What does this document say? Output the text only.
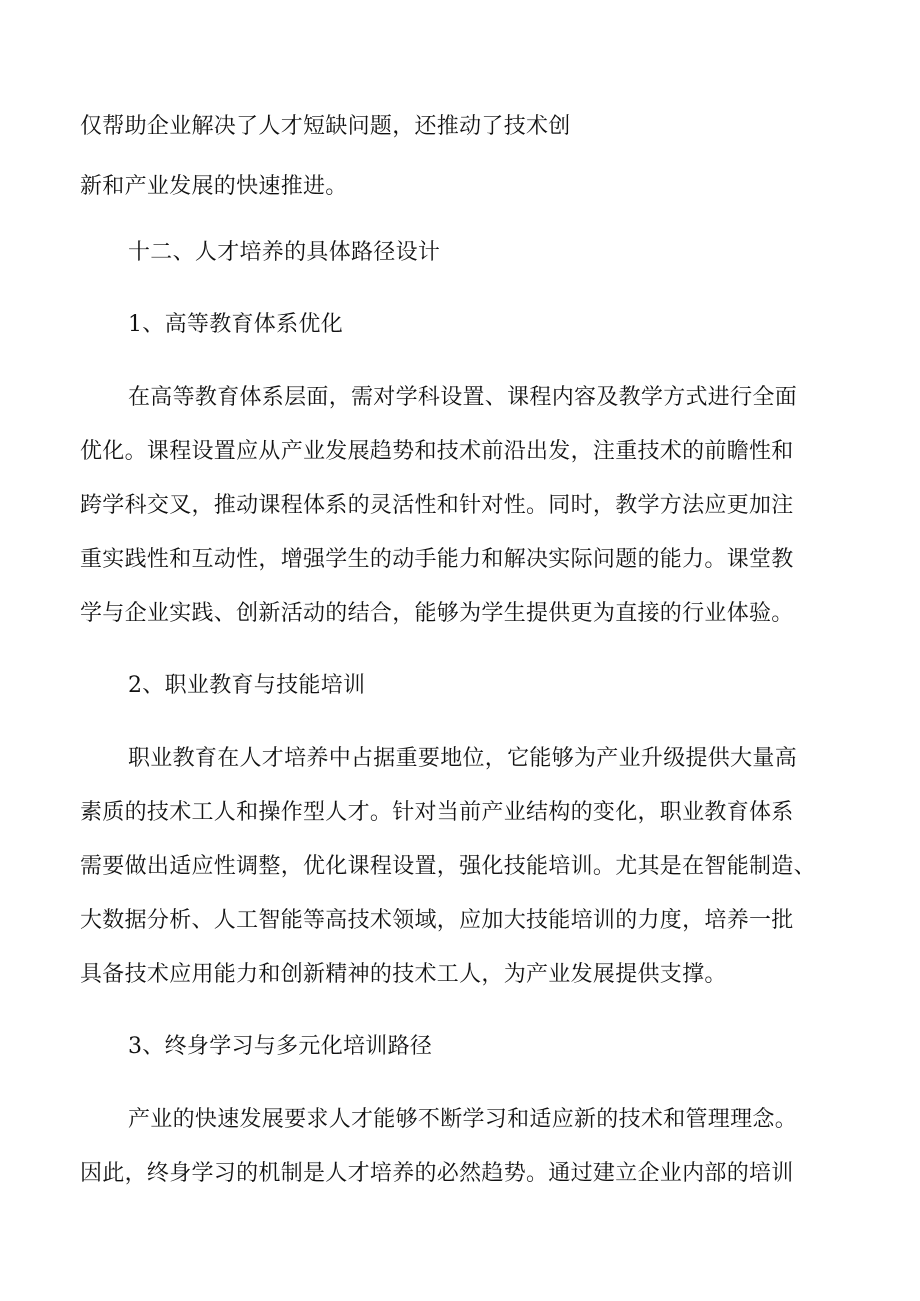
仅帮助企业解决了人才短缺问题，还推动了技术创
新和产业发展的快速推进。
十二、人才培养的具体路径设计
1、高等教育体系优化
在高等教育体系层面，需对学科设置、课程内容及教学方式进行全面
优化。课程设置应从产业发展趋势和技术前沿出发，注重技术的前瞻性和
跨学科交叉，推动课程体系的灵活性和针对性。同时，教学方法应更加注
重实践性和互动性，增强学生的动手能力和解决实际问题的能力。课堂教
学与企业实践、创新活动的结合，能够为学生提供更为直接的行业体验。
2、职业教育与技能培训
职业教育在人才培养中占据重要地位，它能够为产业升级提供大量高
素质的技术工人和操作型人才。针对当前产业结构的变化，职业教育体系
需要做出适应性调整，优化课程设置，强化技能培训。尤其是在智能制造、
大数据分析、人工智能等高技术领域，应加大技能培训的力度，培养一批
具备技术应用能力和创新精神的技术工人，为产业发展提供支撑。
3、终身学习与多元化培训路径
产业的快速发展要求人才能够不断学习和适应新的技术和管理理念。
因此，终身学习的机制是人才培养的必然趋势。通过建立企业内部的培训
